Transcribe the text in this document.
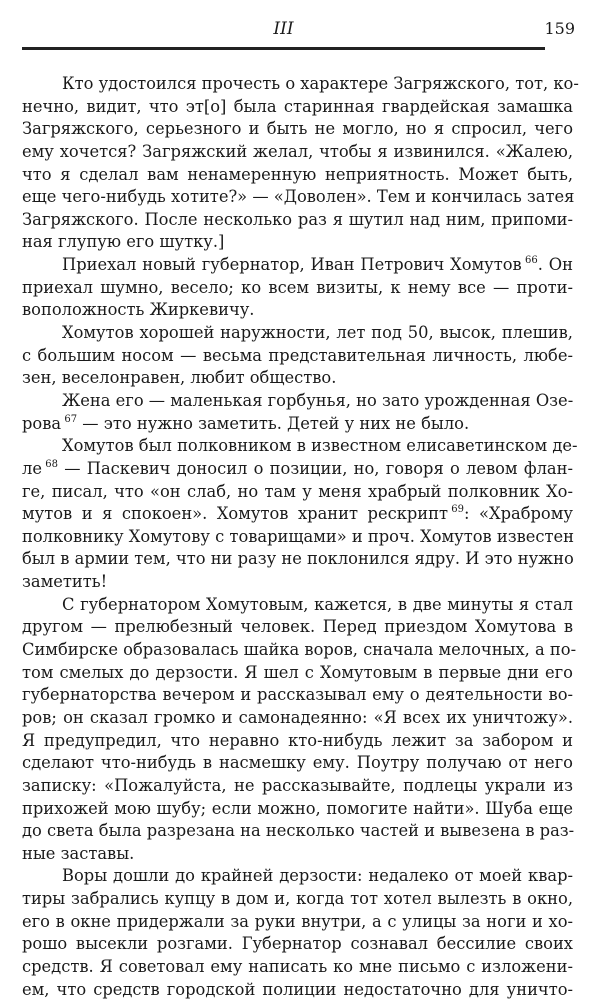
III	159
Кто удостоился прочесть о характере Загряжского, тот, ко-
нечно, видит, что эт[о] была старинная гвардейская замашка
Загряжского, серьезного и быть не могло, но я спросил, чего
ему хочется? Загряжский желал, чтобы я извинился. «Жалею,
что я сделал вам ненамеренную неприятность. Может быть,
еще чего-нибудь хотите?» — «Доволен». Тем и кончилась затея
Загряжского. После несколько раз я шутил над ним, припоми-
ная глупую его шутку.]
Приехал новый губернатор, Иван Петрович Хомутов  $^{66}$. Он
приехал шумно, весело; ко всем визиты, к нему все — проти-
воположность Жиркевичу.
Хомутов хорошей наружности, лет под 50, высок, плешив,
с большим носом — весьма представительная личность, любе-
зен, веселонравен, любит общество.
Жена его — маленькая горбунья, но зато урожденная Озе-
рова  $^{67}$ — это нужно заметить. Детей у них не было.
Хомутов был полковником в известном елисаветинском де-
ле  $^{68}$ — Паскевич доносил о позиции, но, говоря о левом флан-
ге, писал, что «он слаб, но там у меня храбрый полковник Хо-
мутов и я спокоен». Хомутов хранит рескрипт  $^{69}$: «Храброму
полковнику Хомутову с товарищами» и проч. Хомутов известен
был в армии тем, что ни разу не поклонился ядру. И это нужно
заметить!
С губернатором Хомутовым, кажется, в две минуты я стал
другом — прелюбезный человек. Перед приездом Хомутова в
Симбирске образовалась шайка воров, сначала мелочных, а по-
том смелых до дерзости. Я шел с Хомутовым в первые дни его
губернаторства вечером и рассказывал ему о деятельности во-
ров; он сказал громко и самонадеянно: «Я всех их уничтожу».
Я предупредил, что неравно кто-нибудь лежит за забором и
сделают что-нибудь в насмешку ему. Поутру получаю от него
записку: «Пожалуйста, не рассказывайте, подлецы украли из
прихожей мою шубу; если можно, помогите найти». Шуба еще
до света была разрезана на несколько частей и вывезена в раз-
ные заставы.
Воры дошли до крайней дерзости: недалеко от моей квар-
тиры забрались купцу в дом и, когда тот хотел вылезть в окно,
его в окне придержали за руки внутри, а с улицы за ноги и хо-
рошо высекли розгами. Губернатор сознавал бессилие своих
средств. Я советовал ему написать ко мне письмо с изложени-
ем, что средств городской полиции недостаточно для уничто-
